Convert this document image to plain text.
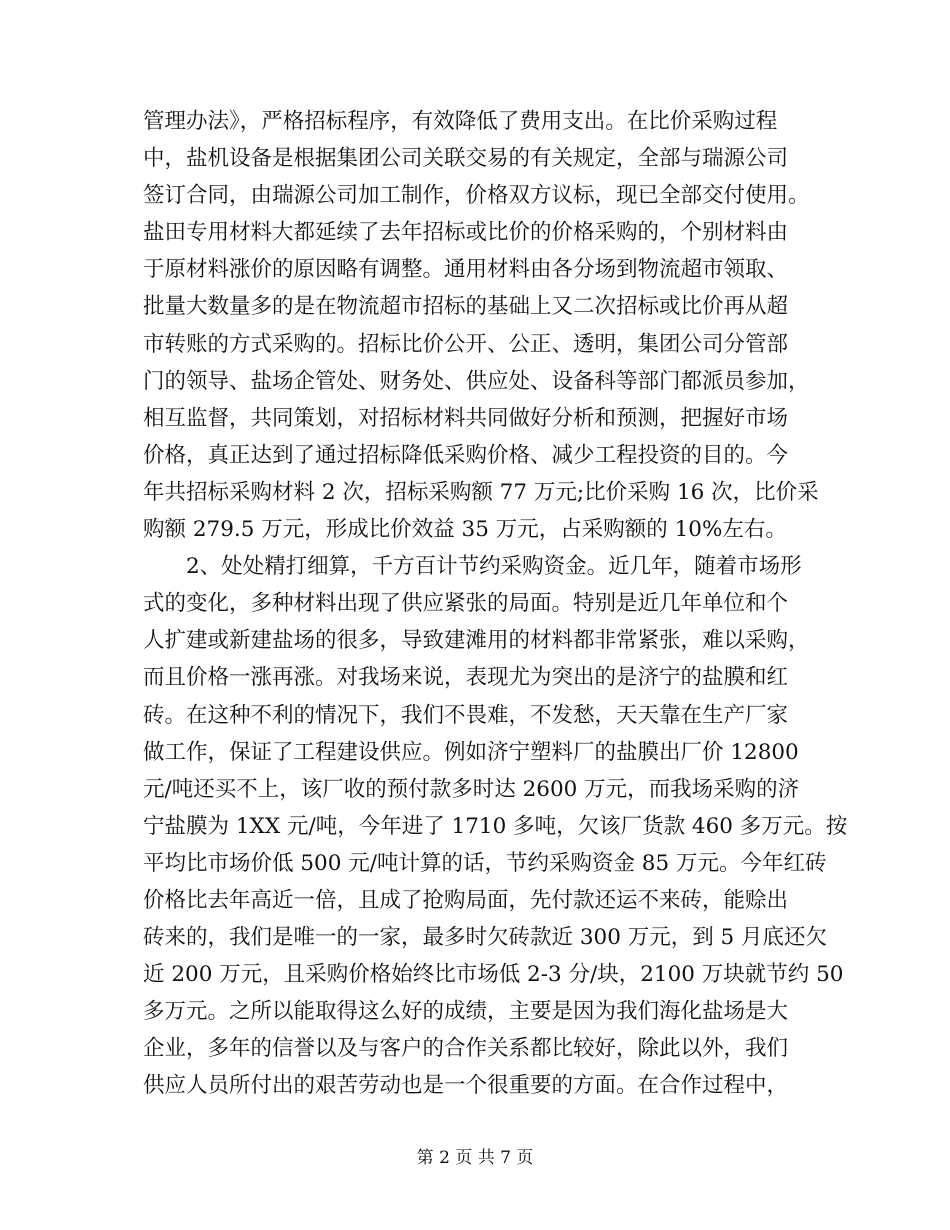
管理办法》，严格招标程序，有效降低了费用支出。在比价采购过程
中，盐机设备是根据集团公司关联交易的有关规定，全部与瑞源公司
签订合同，由瑞源公司加工制作，价格双方议标，现已全部交付使用。
盐田专用材料大都延续了去年招标或比价的价格采购的，个别材料由
于原材料涨价的原因略有调整。通用材料由各分场到物流超市领取、
批量大数量多的是在物流超市招标的基础上又二次招标或比价再从超
市转账的方式采购的。招标比价公开、公正、透明，集团公司分管部
门的领导、盐场企管处、财务处、供应处、设备科等部门都派员参加，
相互监督，共同策划，对招标材料共同做好分析和预测，把握好市场
价格，真正达到了通过招标降低采购价格、减少工程投资的目的。今
年共招标采购材料 2 次，招标采购额 77 万元;比价采购 16 次，比价采
购额 279.5 万元，形成比价效益 35 万元，占采购额的 10%左右。
2、处处精打细算，千方百计节约采购资金。近几年，随着市场形
式的变化，多种材料出现了供应紧张的局面。特别是近几年单位和个
人扩建或新建盐场的很多，导致建滩用的材料都非常紧张，难以采购，
而且价格一涨再涨。对我场来说，表现尤为突出的是济宁的盐膜和红
砖。在这种不利的情况下，我们不畏难，不发愁，天天靠在生产厂家
做工作，保证了工程建设供应。例如济宁塑料厂的盐膜出厂价 12800
元/吨还买不上，该厂收的预付款多时达 2600 万元，而我场采购的济
宁盐膜为 1XX 元/吨，今年进了 1710 多吨，欠该厂货款 460 多万元。按
平均比市场价低 500 元/吨计算的话，节约采购资金 85 万元。今年红砖
价格比去年高近一倍，且成了抢购局面，先付款还运不来砖，能赊出
砖来的，我们是唯一的一家，最多时欠砖款近 300 万元，到 5 月底还欠
近 200 万元，且采购价格始终比市场低 2-3 分/块，2100 万块就节约 50
多万元。之所以能取得这么好的成绩，主要是因为我们海化盐场是大
企业，多年的信誉以及与客户的合作关系都比较好，除此以外，我们
供应人员所付出的艰苦劳动也是一个很重要的方面。在合作过程中，
第 2 页 共 7 页
